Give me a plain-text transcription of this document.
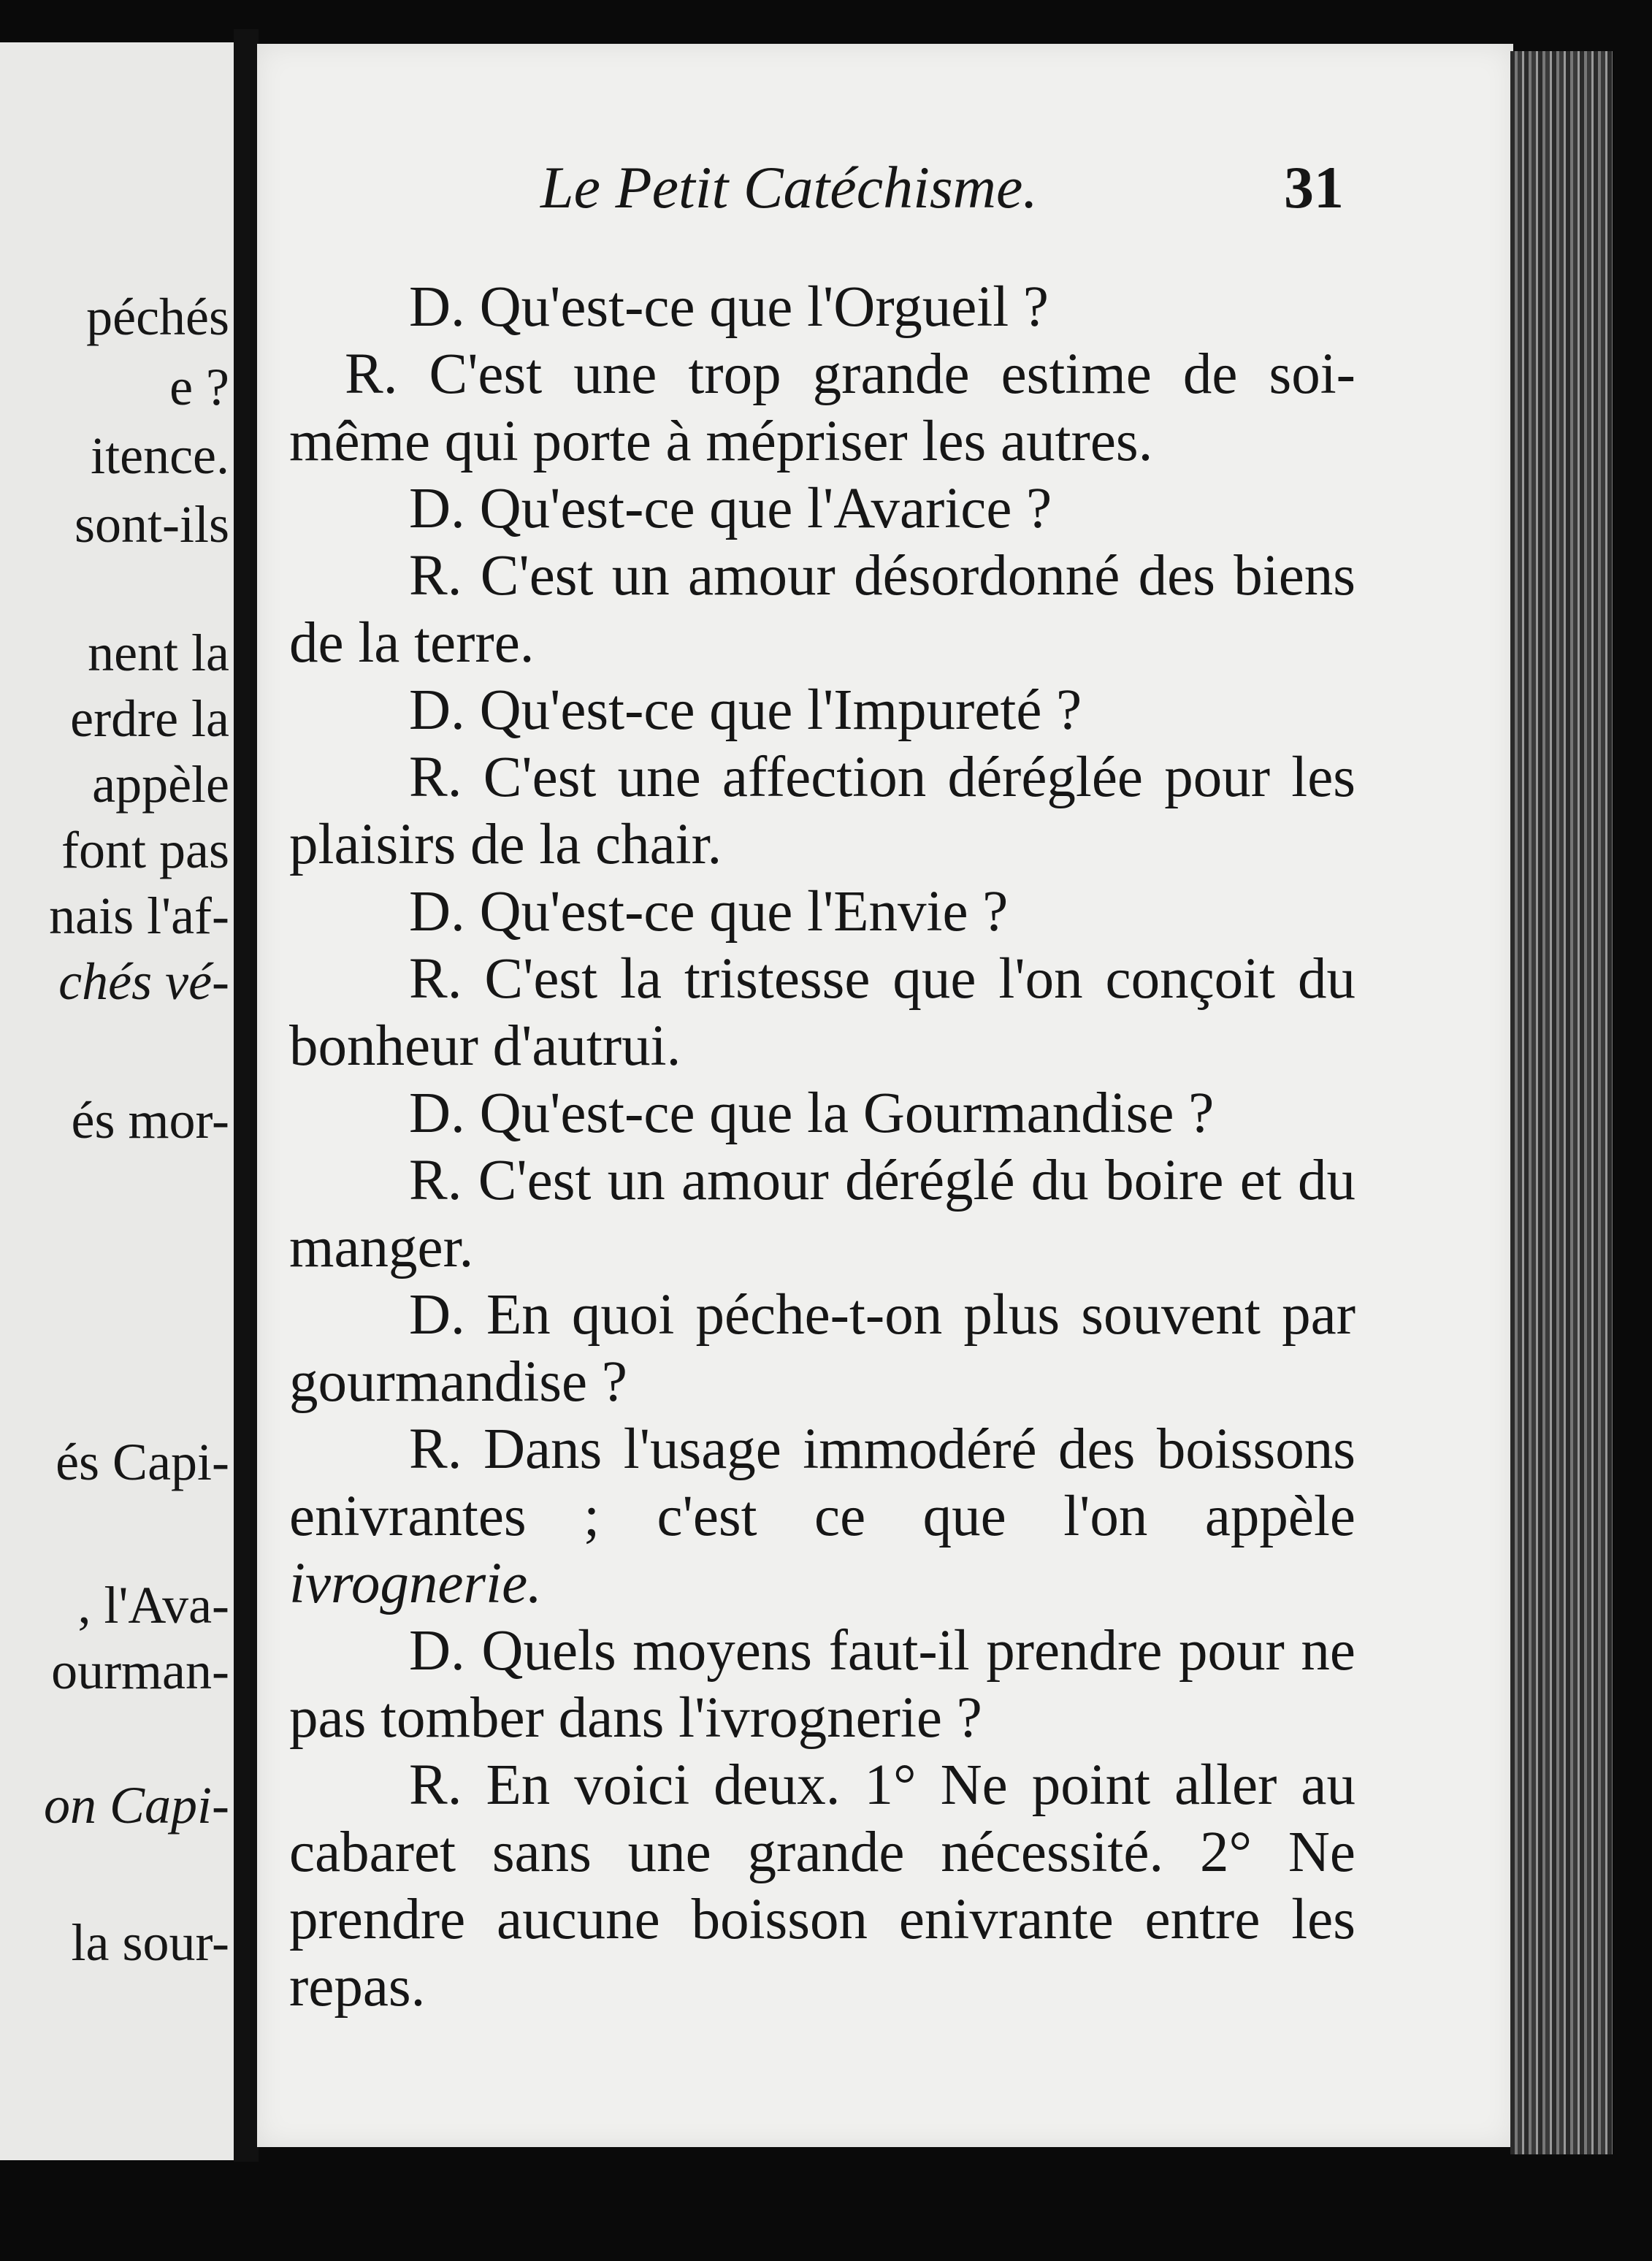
péchés
e ?
itence.
sont-ils
nent la
erdre la
appèle
font pas
nais l'af-
chés vé-
és mor-
és Capi-
, l'Ava-
ourman-
on Capi-
la sour-
Le Petit Catéchisme.	31

D. Qu'est-ce que l'Orgueil ?

R. C'est une trop grande estime de soi-même qui porte à mépriser les autres.

D. Qu'est-ce que l'Avarice ?

R. C'est un amour désordonné des biens de la terre.

D. Qu'est-ce que l'Impureté ?

R. C'est une affection déréglée pour les plaisirs de la chair.

D. Qu'est-ce que l'Envie ?

R. C'est la tristesse que l'on conçoit du bonheur d'autrui.

D. Qu'est-ce que la Gourmandise ?

R. C'est un amour déréglé du boire et du manger.

D. En quoi péche-t-on plus souvent par gourmandise ?

R. Dans l'usage immodéré des boissons enivrantes ; c'est ce que l'on appèle ivrognerie.

D. Quels moyens faut-il prendre pour ne pas tomber dans l'ivrognerie ?

R. En voici deux. 1° Ne point aller au cabaret sans une grande nécessité. 2° Ne prendre aucune boisson enivrante entre les repas.
